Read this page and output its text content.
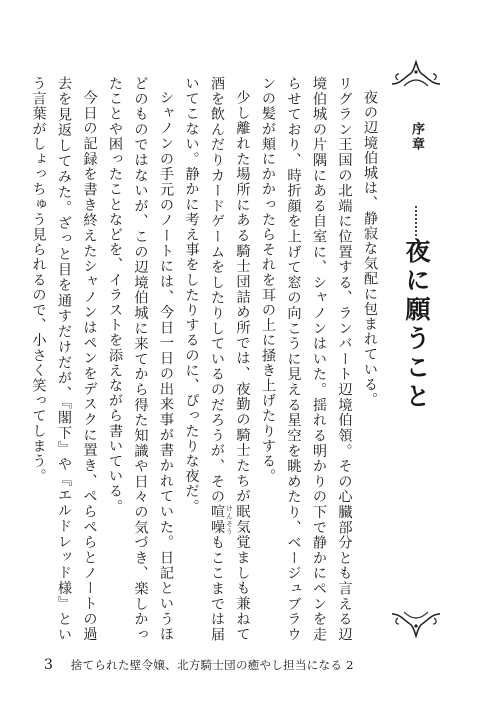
序章
夜に願うこと

夜の辺境伯城は、静寂な気配に包まれている。

リグラン王国の北端に位置する、ランバート辺境伯領。その心臓部分とも言える辺境伯城の片隅にある自室に、シャノンはいた。揺れる明かりの下で静かにペンを走らせており、時折顔を上げて窓の向こうに見える星空を眺めたり、ベージュブラウンの髪が頬にかかったらそれを耳の上に掻き上げたりする。

少し離れた場所にある騎士団詰め所では、夜勤の騎士たちが眠気覚ましも兼ねて酒を飲んだりカードゲームをしたりしているのだろうが、その喧噪 けんそうもここまでは届いてこない。静かに考え事をしたりするのに、ぴったりな夜だ。

シャノンの手元のノートには、今日一日の出来事が書かれていた。日記というほどのものではないが、この辺境伯城に来てから得た知識や日々の気づき、楽しかったことや困ったことなどを、イラストを添えながら書いている。

今日の記録を書き終えたシャノンはペンをデスクに置き、ぺらぺらとノートの過去を見返してみた。ざっと目を通すだけだが、『閣下』や『エルドレッド様』という言葉がしょっちゅう見られるので、小さく笑ってしまう。

3 捨てられた壁令嬢、北方騎士団の癒やし担当になる 2
